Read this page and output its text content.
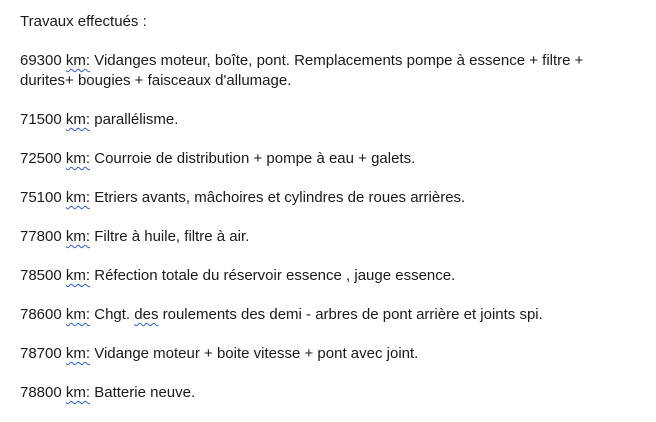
Travaux effectués :
69300 km: Vidanges moteur, boîte, pont. Remplacements pompe à essence + filtre + durites+ bougies + faisceaux d'allumage.
71500 km: parallélisme.
72500 km: Courroie de distribution + pompe à eau + galets.
75100 km: Etriers avants, mâchoires et cylindres de roues arrières.
77800 km: Filtre à huile, filtre à air.
78500 km: Réfection totale du réservoir essence , jauge essence.
78600 km: Chgt. des roulements des demi - arbres de pont arrière et joints spi.
78700 km: Vidange moteur + boite vitesse + pont avec joint.
78800 km: Batterie neuve.
